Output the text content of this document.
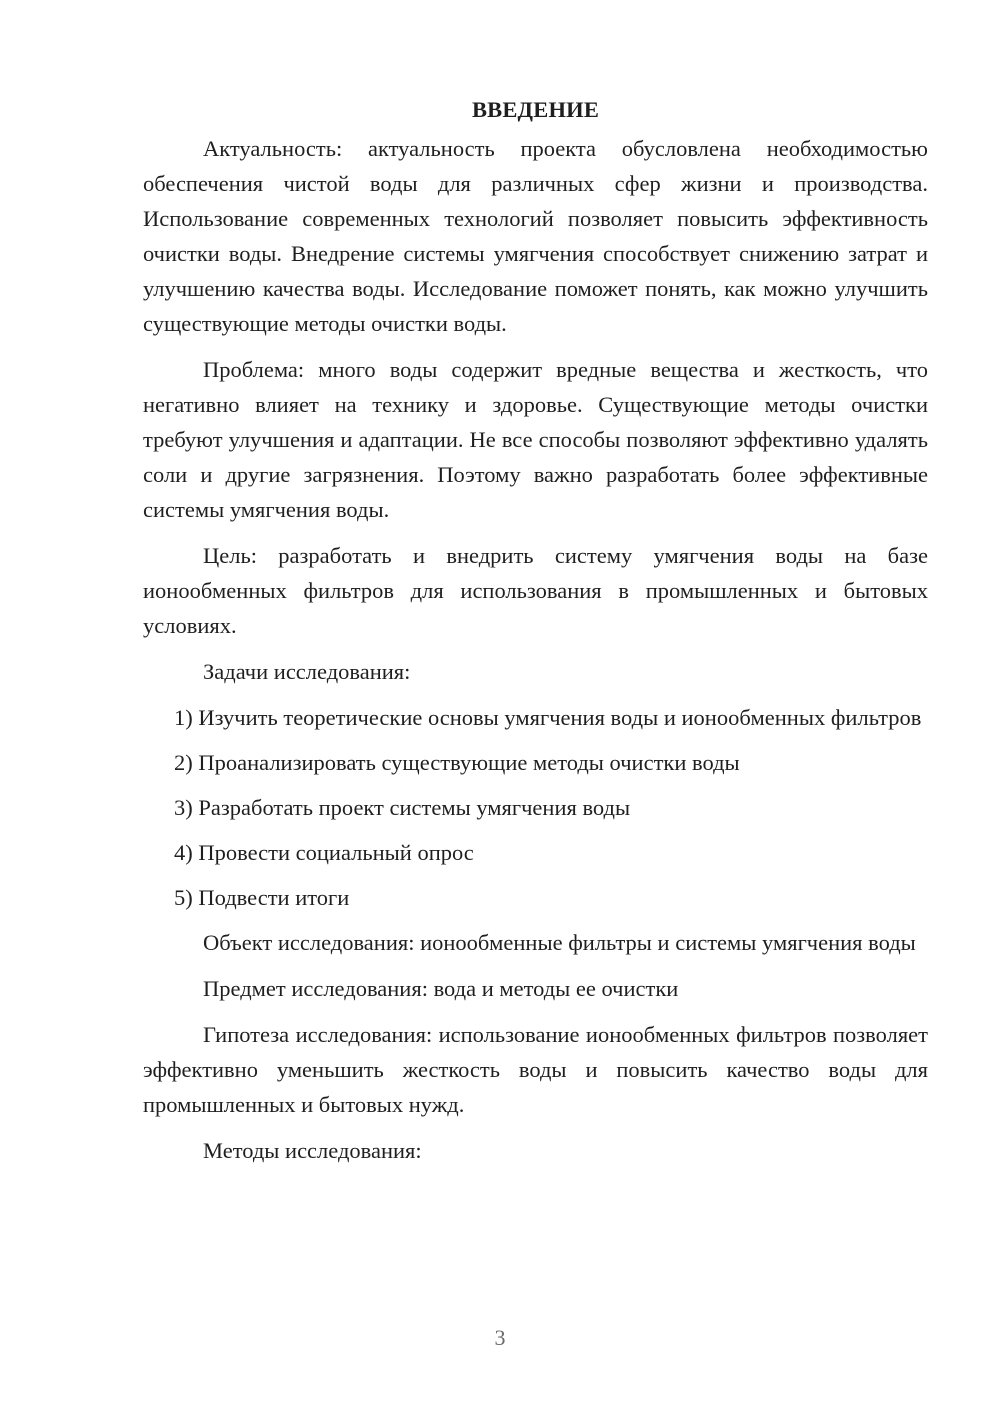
ВВЕДЕНИЕ

Актуальность: актуальность проекта обусловлена необходимостью обеспечения чистой воды для различных сфер жизни и производства. Использование современных технологий позволяет повысить эффективность очистки воды. Внедрение системы умягчения способствует снижению затрат и улучшению качества воды. Исследование поможет понять, как можно улучшить существующие методы очистки воды.

Проблема: много воды содержит вредные вещества и жесткость, что негативно влияет на технику и здоровье. Существующие методы очистки требуют улучшения и адаптации. Не все способы позволяют эффективно удалять соли и другие загрязнения. Поэтому важно разработать более эффективные системы умягчения воды.

Цель: разработать и внедрить систему умягчения воды на базе ионообменных фильтров для использования в промышленных и бытовых условиях.

Задачи исследования:

1) Изучить теоретические основы умягчения воды и ионообменных фильтров

2) Проанализировать существующие методы очистки воды

3) Разработать проект системы умягчения воды

4) Провести социальный опрос

5) Подвести итоги

Объект исследования: ионообменные фильтры и системы умягчения воды

Предмет исследования: вода и методы ее очистки

Гипотеза исследования: использование ионообменных фильтров позволяет эффективно уменьшить жесткость воды и повысить качество воды для промышленных и бытовых нужд.

Методы исследования:

3
